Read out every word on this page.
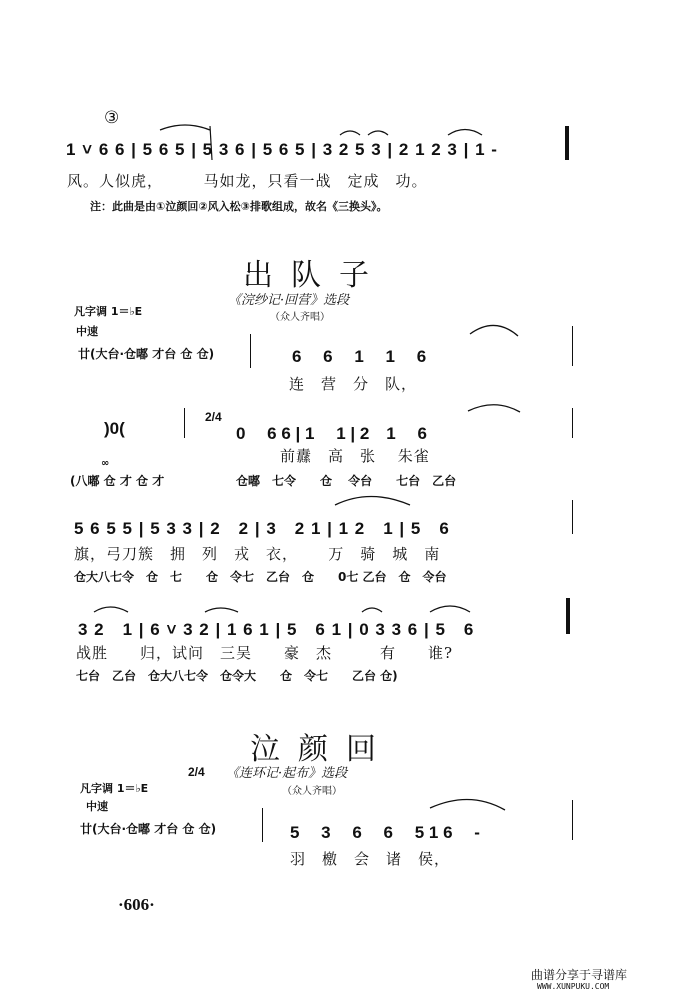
③
1 ˅ 6 6 | 5 6 5 | 5 3 6 | 5 6 5 | 3 2 5 3 | 2 1 2 3 | 1 -
风。人似虎，　　　马如龙，只看一战　定成　功。
注：此曲是由①泣颜回②风入松③排歌组成，故名《三换头》。
出队子
《浣纱记·回营》选段
（众人齐唱）
凡字调 1＝♭E
中速
廿(大台·仓嘟 才台 仓 仓)	6　 6　 1　 1　 6
连　营　分　队，
)0(
2/4
0　 6 6 | 1　 1 | 2　1　 6
前纛　高　张　 朱雀
(八嘟 仓 才 仓 才
∞
仓嘟　七令　　仓　 令台　　七台　乙台
5 6 5 5 | 5 3 3 | 2　2 | 3　2 1 | 1 2　1 | 5　6
旗，弓刀簇　拥　列　戎　衣，　　 万　骑　城　南
仓大八七令　仓　七　　仓　令七　乙台　仓　　0七 乙台　仓　令台
3 2　1 | 6 ˅ 3 2 | 1 6 1 | 5　6 1 | 0 3 3 6 | 5　6
战胜　　归，试问　三吴　　豪　杰　　　有　　谁?
七台　乙台　仓大八七令　仓令大　　仓　令七　　乙台 仓)
泣颜回
《连环记·起布》选段
（众人齐唱）
凡字调 1＝♭E
2/4
中速
廿(大台·仓嘟 才台 仓 仓)	5　 3　 6　 6　 5 1 6　 -
羽　檄　会　诸　侯，
·606·
曲谱分享于寻谱库
WWW.XUNPUKU.COM
